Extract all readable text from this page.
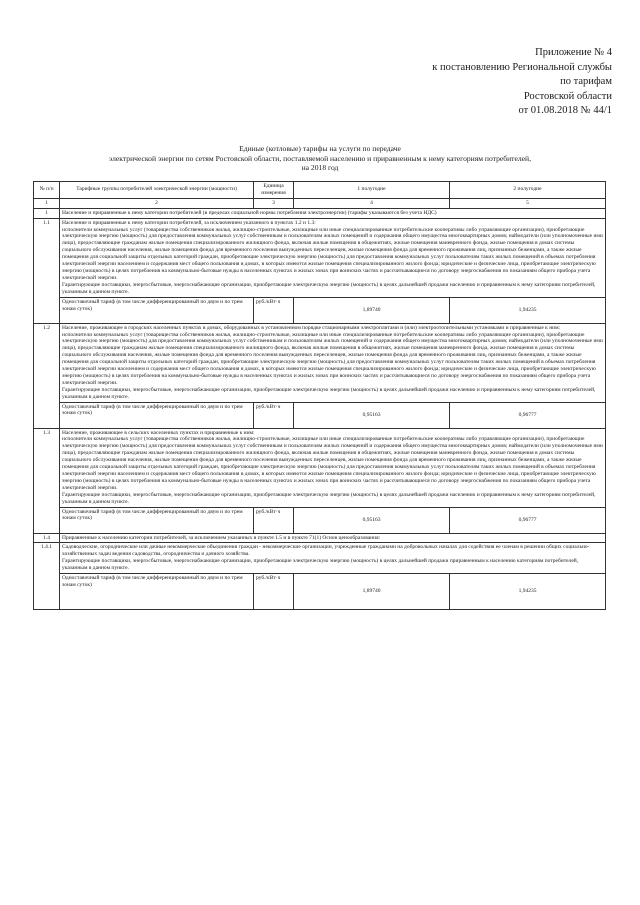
Приложение № 4
к постановлению Региональной службы
по тарифам
Ростовской области
от 01.08.2018 № 44/1
Единые (котловые) тарифы на услуги по передаче
электрической энергии по сетям Ростовской области, поставляемой населению и приравненным к нему категориям потребителей,
на 2018 год
№ п/п	Тарифные группы потребителей электрической энергии (мощности)	Единица измерения	1 полугодие	2 полугодие
1	2	3	4	5
1	Население и приравненные к нему категории потребителей (в пределах социальной нормы потребления электроэнергии) (тарифы указываются без учета НДС)			
1.1	Население и приравненные к нему категории потребителей, за исключением указанного в пунктах 1.2 и 1.3:

исполнители коммунальных услуг (товарищества собственников жилья, жилищно-строительные, жилищные или иные специализированные потребительские кооперативы либо управляющие организации), приобретающие электрическую энергию (мощность) для предоставления коммунальных услуг собственникам и пользователям жилых помещений и содержания общего имущества многоквартирных домов; наймодатели (или уполномоченные ими лица), предоставляющие гражданам жилые помещения специализированного жилищного фонда, включая жилые помещения в общежитиях, жилые помещения маневренного фонда, жилые помещения в домах системы социального обслуживания населения, жилые помещения фонда для временного поселения вынужденных переселенцев, жилые помещения фонда для временного проживания лиц, признанных беженцами, а также жилые помещения для социальной защиты отдельных категорий граждан, приобретающие электрическую энергию (мощность) для предоставления коммунальных услуг пользователям таких жилых помещений в объемах потребления электрической энергии населением и содержания мест общего пользования в домах, в которых имеются жилые помещения специализированного жилого фонда; юридические и физические лица, приобретающие электрическую энергию (мощность) в целях потребления на коммунально-бытовые нужды в населенных пунктах и жилых зонах при воинских частях и рассчитывающиеся по договору энергоснабжения по показаниям общего прибора учета электрической энергии.

Гарантирующие поставщики, энергосбытовые, энергоснабжающие организации, приобретающие электрическую энергию (мощность) в целях дальнейшей продажи населению и приравненным к нему категориям потребителей, указанным в данном пункте.			

	Одноставочный тариф (в том числе дифференцированный по двум и по трем зонам суток)	руб./кВт·ч	1,89740	1,94235
1.2	Население, проживающее в городских населенных пунктах в домах, оборудованных в установленном порядке стационарными электроплитами и (или) электроотопительными установками и приравненные к ним:

исполнители коммунальных услуг (товарищества собственников жилья, жилищно-строительные, жилищные или иные специализированные потребительские кооперативы либо управляющие организации), приобретающие электрическую энергию (мощность) для предоставления коммунальных услуг собственникам и пользователям жилых помещений и содержания общего имущества многоквартирных домов; наймодатели (или уполномоченные ими лица), предоставляющие гражданам жилые помещения специализированного жилищного фонда, включая жилые помещения в общежитиях, жилые помещения маневренного фонда, жилые помещения в домах системы социального обслуживания населения, жилые помещения фонда для временного поселения вынужденных переселенцев, жилые помещения фонда для временного проживания лиц, признанных беженцами, а также жилые помещения для социальной защиты отдельных категорий граждан, приобретающие электрическую энергию (мощность) для предоставления коммунальных услуг пользователям таких жилых помещений в объемах потребления электрической энергии населением и содержания мест общего пользования в домах, в которых имеются жилые помещения специализированного жилого фонда; юридические и физические лица, приобретающие электрическую энергию (мощность) в целях потребления на коммунально-бытовые нужды в населенных пунктах и жилых зонах при воинских частях и рассчитывающиеся по договору энергоснабжения по показаниям общего прибора учета электрической энергии.

Гарантирующие поставщики, энергосбытовые, энергоснабжающие организации, приобретающие электрическую энергию (мощность) в целях дальнейшей продажи населению и приравненным к нему категориям потребителей, указанным в данном пункте.			

	Одноставочный тариф (в том числе дифференцированный по двум и по трем зонам суток)	руб./кВт·ч	0,95163	0,96777
1.3	Население, проживающее в сельских населенных пунктах и приравненные к ним:

исполнители коммунальных услуг (товарищества собственников жилья, жилищно-строительные, жилищные или иные специализированные потребительские кооперативы либо управляющие организации), приобретающие электрическую энергию (мощность) для предоставления коммунальных услуг собственникам и пользователям жилых помещений и содержания общего имущества многоквартирных домов; наймодатели (или уполномоченные ими лица), предоставляющие гражданам жилые помещения специализированного жилищного фонда, включая жилые помещения в общежитиях, жилые помещения маневренного фонда, жилые помещения в домах системы социального обслуживания населения, жилые помещения фонда для временного поселения вынужденных переселенцев, жилые помещения фонда для временного проживания лиц, признанных беженцами, а также жилые помещения для социальной защиты отдельных категорий граждан, приобретающие электрическую энергию (мощность) для предоставления коммунальных услуг пользователям таких жилых помещений в объемах потребления электрической энергии населением и содержания мест общего пользования в домах, в которых имеются жилые помещения специализированного жилого фонда; юридические и физические лица, приобретающие электрическую энергию (мощность) в целях потребления на коммунально-бытовые нужды в населенных пунктах и жилых зонах при воинских частях и рассчитывающиеся по договору энергоснабжения по показаниям общего прибора учета электрической энергии.

Гарантирующие поставщики, энергосбытовые, энергоснабжающие организации, приобретающие электрическую энергию (мощность) в целях дальнейшей продажи населению и приравненным к нему категориям потребителей, указанным в данном пункте.			

	Одноставочный тариф (в том числе дифференцированный по двум и по трем зонам суток)	руб./кВт·ч	0,95163	0,96777
1.4	Приравненные к населению категории потребителей, за исключением указанных в пункте 1.5 и в пункте 71(1) Основ ценообразования:			
1.4.1	Садоводческие, огороднические или дачные некоммерческие объединения граждан - некоммерческие организации, учрежденные гражданами на добровольных началах для содействия ее членам в решении общих социально-хозяйственных задач ведения садоводства, огородничества и дачного хозяйства.

Гарантирующие поставщики, энергосбытовые, энергоснабжающие организации, приобретающие электрическую энергию (мощность) в целях дальнейшей продажи приравненным к населению категориям потребителей, указанным в данном пункте.			

	Одноставочный тариф (в том числе дифференцированный по двум и по трем зонам суток)	руб./кВт·ч	1,89740	1,94235
